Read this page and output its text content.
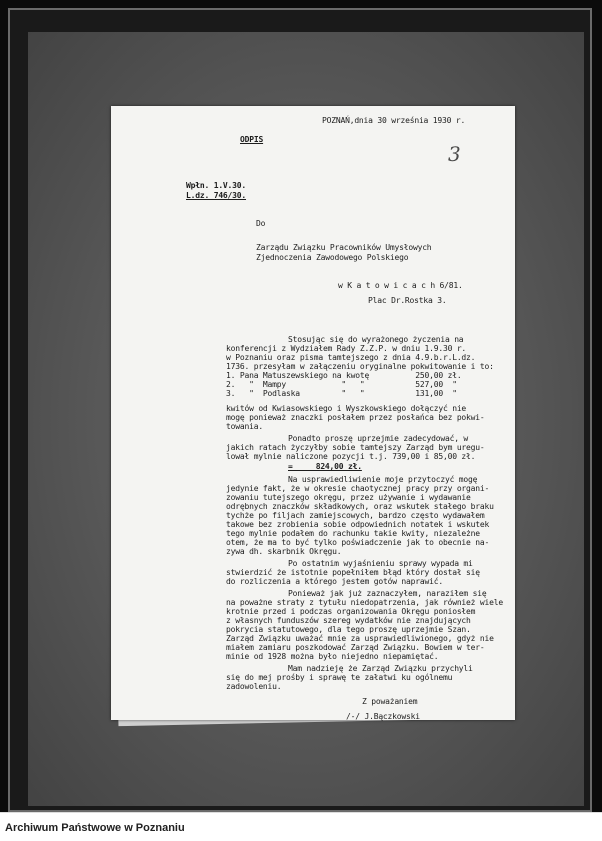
POZNAŃ,dnia 30 września 1930 r.
ODPIS
3
Wpłn. 1.V.30.
L.dz. 746/30.
Do
Zarządu Związku Pracowników Umysłowych
Zjednoczenia Zawodowego Polskiego
w K a t o w i c a c h 6/81.
Plac Dr.Rostka 3.
Stosując się do wyrażonego życzenia na
konferencji z Wydziałem Rady Z.Z.P. w dniu 1.9.30 r.
w Poznaniu oraz pisma tamtejszego z dnia 4.9.b.r.L.dz.
1736. przesyłam w załączeniu oryginalne pokwitowanie i to:
1. Pana Matuszewskiego na kwotę          250,00 zł.
2.   "  Mampy            "   "           527,00  "
3.   "  Podlaska         "   "           131,00  "
kwitów od Kwiasowskiego i Wyszkowskiego dołączyć nie
mogę ponieważ znaczki posłałem przez posłańca bez pokwi-
towania.
Ponadto proszę uprzejmie zadecydować, w
jakich ratach życzyłby sobie tamtejszy Zarząd bym uregu-
lował mylnie naliczone pozycji t.j. 739,00 i 85,00 zł.
=     824,00 zł.
Na usprawiedliwienie moje przytoczyć mogę
jedynie fakt, że w okresie chaotycznej pracy przy organi-
zowaniu tutejszego okręgu, przez używanie i wydawanie
odrębnych znaczków składkowych, oraz wskutek stałego braku
tychże po filjach zamiejscowych, bardzo często wydawałem
takowe bez zrobienia sobie odpowiednich notatek i wskutek
tego mylnie podałem do rachunku takie kwity, niezależne
otem, że ma to być tylko poświadczenie jak to obecnie na-
zywa dh. skarbnik Okręgu.
Po ostatnim wyjaśnieniu sprawy wypada mi
stwierdzić że istotnie popełniłem błąd który dostał się
do rozliczenia a którego jestem gotów naprawić.
Ponieważ jak już zaznaczyłem, naraziłem się
na poważne straty z tytułu niedopatrzenia, jak również wiele
krotnie przed i podczas organizowania Okręgu poniosłem
z własnych funduszów szereg wydatków nie znajdujących
pokrycia statutowego, dla tego proszę uprzejmie Szan.
Zarząd Związku uważać mnie za usprawiedliwionego, gdyż nie
miałem zamiaru poszkodować Zarząd Związku. Bowiem w ter-
minie od 1928 można było niejedno niepamiętać.
Mam nadzieję że Zarząd Związku przychyli
się do mej prośby i sprawę te załatwi ku ogólnemu
zadowoleniu.
Z poważaniem
/-/ J.Bączkowski
Archiwum Państwowe w Poznaniu
